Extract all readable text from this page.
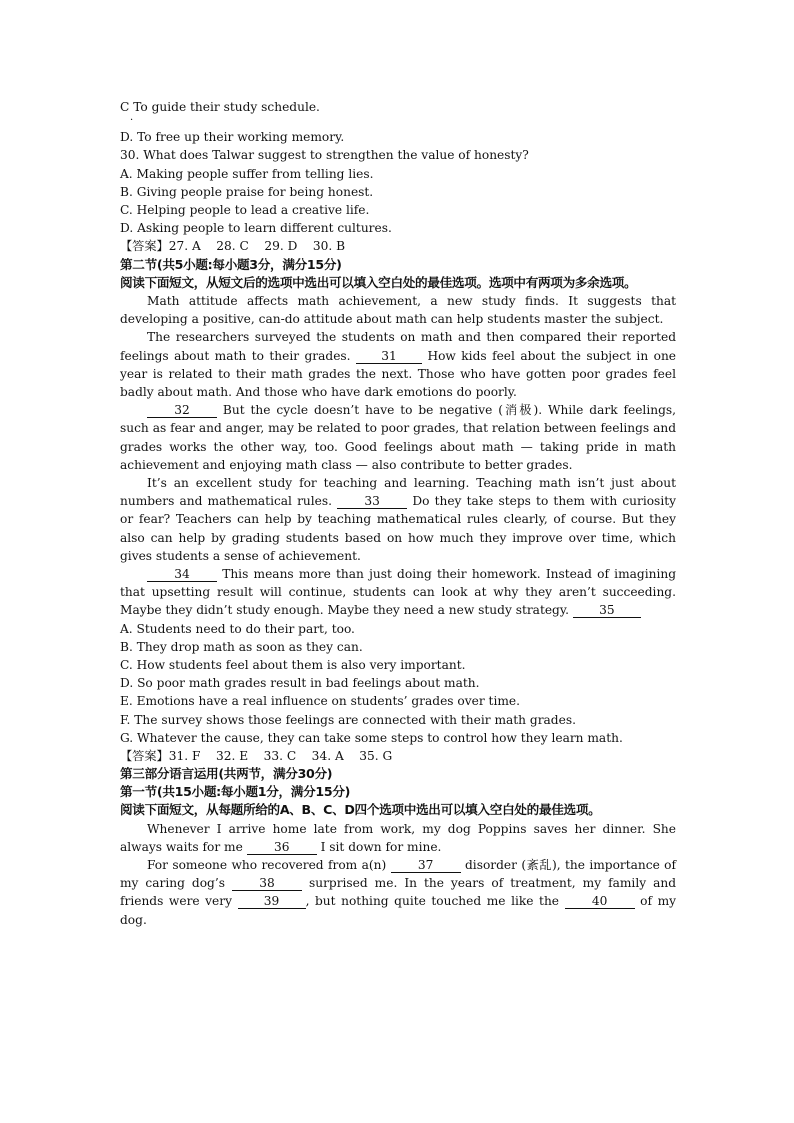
C To guide their study schedule.
·
D. To free up their working memory.
30. What does Talwar suggest to strengthen the value of honesty?
A. Making people suffer from telling lies.
B. Giving people praise for being honest.
C. Helping people to lead a creative life.
D. Asking people to learn different cultures.
【答案】27. A    28. C    29. D    30. B
第二节(共5小题:每小题3分，满分15分)
阅读下面短文，从短文后的选项中选出可以填入空白处的最佳选项。选项中有两项为多余选项。

Math attitude affects math achievement, a new study finds. It suggests that developing a positive, can-do attitude about math can help students master the subject.

The researchers surveyed the students on math and then compared their reported feelings about math to their grades.	31	How kids feel about the subject in one year is related to their math grades the next. Those who have gotten poor grades feel badly about math. And those who have dark emotions do poorly.

32	But the cycle doesn’t have to be negative (消极). While dark feelings, such as fear and anger, may be related to poor grades, that relation between feelings and grades works the other way, too. Good feelings about math — taking pride in math achievement and enjoying math class — also contribute to better grades.

It’s an excellent study for teaching and learning. Teaching math isn’t just about numbers and mathematical rules.	33	Do they take steps to them with curiosity or fear? Teachers can help by teaching mathematical rules clearly, of course. But they also can help by grading students based on how much they improve over time, which gives students a sense of achievement.

34	This means more than just doing their homework. Instead of imagining that upsetting result will continue, students can look at why they aren’t succeeding. Maybe they didn’t study enough. Maybe they need a new study strategy. 35

A. Students need to do their part, too.
B. They drop math as soon as they can.
C. How students feel about them is also very important.
D. So poor math grades result in bad feelings about math.
E. Emotions have a real influence on students’ grades over time.
F. The survey shows those feelings are connected with their math grades.
G. Whatever the cause, they can take some steps to control how they learn math.
【答案】31. F    32. E    33. C    34. A    35. G
第三部分语言运用(共两节，满分30分)
第一节(共15小题:每小题1分，满分15分)
阅读下面短文，从每题所给的A、B、C、D四个选项中选出可以填入空白处的最佳选项。

Whenever I arrive home late from work, my dog Poppins saves her dinner. She always waits for me	36	I sit down for mine.

For someone who recovered from a(n)	37	disorder (紊乱), the importance of my caring dog’s	38	surprised me. In the years of treatment, my family and friends were very	39 , but nothing quite touched me like the	40	of my dog.
